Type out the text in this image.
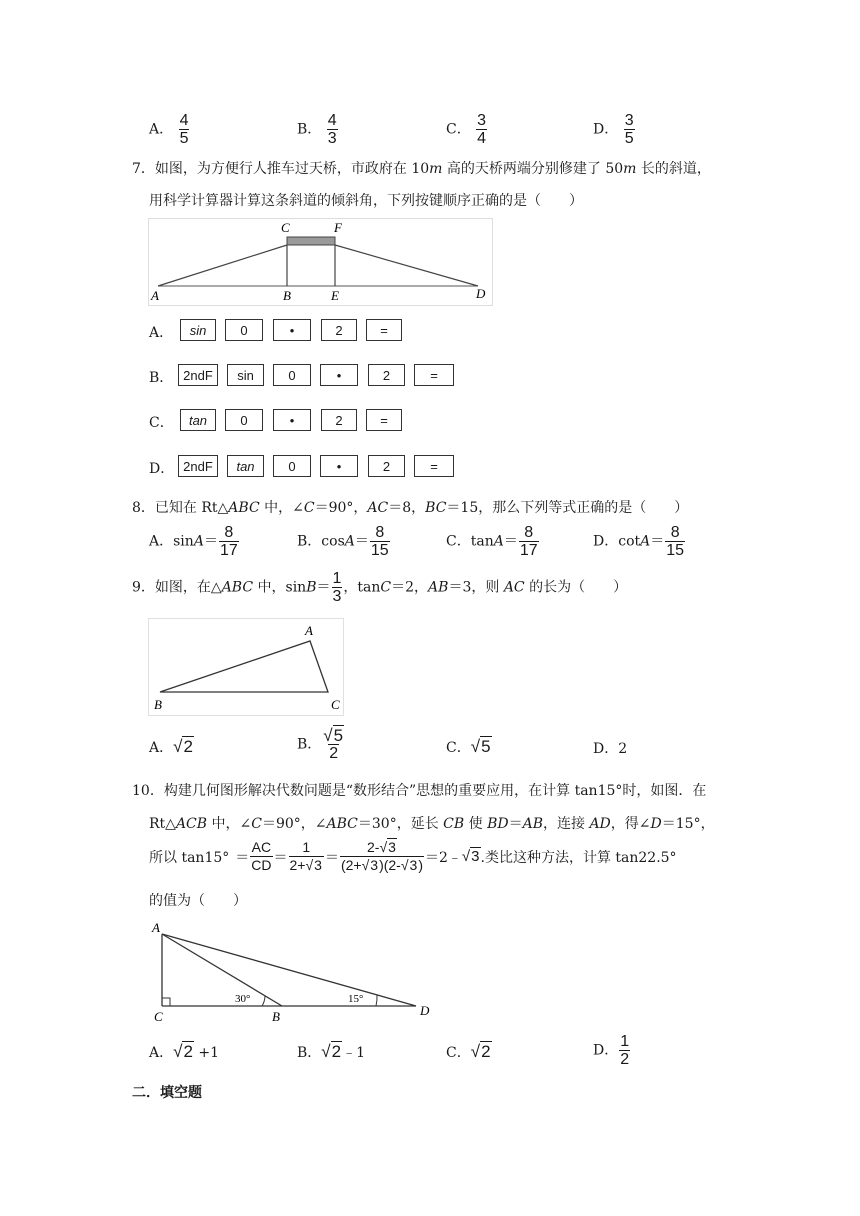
A． $\frac{4}{5}$	B． $\frac{4}{3}$	C． $\frac{3}{4}$	D． $\frac{3}{5}$
7．如图，为方便行人推车过天桥，市政府在 10m 高的天桥两端分别修建了 50m 长的斜道，
用科学计算器计算这条斜道的倾斜角，下列按键顺序正确的是（　　）
C	F
A	B	E	D
A．	sin	0	•	2	=
B． 2ndF	sin	0	•	2	=
C．	tan	0	•	2	=
D． 2ndF	tan	0	•	2	=
8．已知在 Rt△ABC 中，∠C＝90°，AC＝8，BC＝15，那么下列等式正确的是（　　）
A．$\sin A= \frac{8}{17}$	B．$\cos A= \frac{8}{15}$	C．$\tan A= \frac{8}{17}$	D．$\cot A= \frac{8}{15}$
9．如图，在△ABC 中，$\sin B= \frac{1}{3}$ ，tanC＝2，AB＝3，则 AC 的长为（　　）
A
B	C
A．√2	B． $\frac{√5}{2}$	C．√5	D．2
10．构建几何图形解决代数问题是“数形结合”思想的重要应用，在计算 tan15°时，如图．在
Rt△ACB 中，∠C＝90°，∠ABC＝30°，延长 CB 使 BD＝AB，连接 AD，得∠D＝15°，
所以 $\tan 15^\circ = \frac{AC}{CD} = \frac{1}{2+√3} = \frac{2-√3}{(2+√3)(2-√3)}$ ＝2﹣ √3 .类比这种方法，计算 tan22.5°
的值为（　　）
30°	15°
A
C	B	D
A．√2 +1	B．√2﹣1	C．√2	D． $\frac{1}{2}$
二．填空题
